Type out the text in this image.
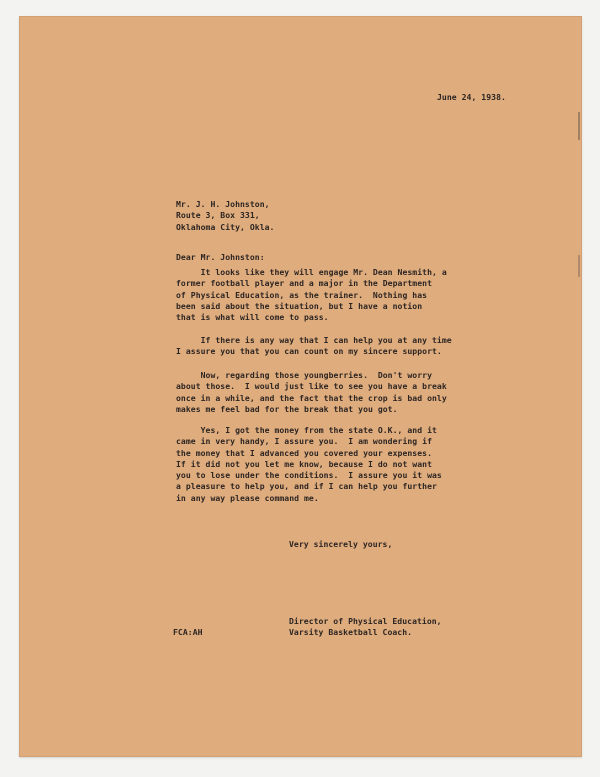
June 24, 1938.
Mr. J. H. Johnston,
Route 3, Box 331,
Oklahoma City, Okla.
Dear Mr. Johnston:
It looks like they will engage Mr. Dean Nesmith, a
former football player and a major in the Department
of Physical Education, as the trainer.  Nothing has
been said about the situation, but I have a notion
that is what will come to pass.
If there is any way that I can help you at any time
I assure you that you can count on my sincere support.
Now, regarding those youngberries.  Don't worry
about those.  I would just like to see you have a break
once in a while, and the fact that the crop is bad only
makes me feel bad for the break that you got.
Yes, I got the money from the state O.K., and it
came in very handy, I assure you.  I am wondering if
the money that I advanced you covered your expenses.
If it did not you let me know, because I do not want
you to lose under the conditions.  I assure you it was
a pleasure to help you, and if I can help you further
in any way please command me.
Very sincerely yours,
FCA:AH
Director of Physical Education,
Varsity Basketball Coach.
